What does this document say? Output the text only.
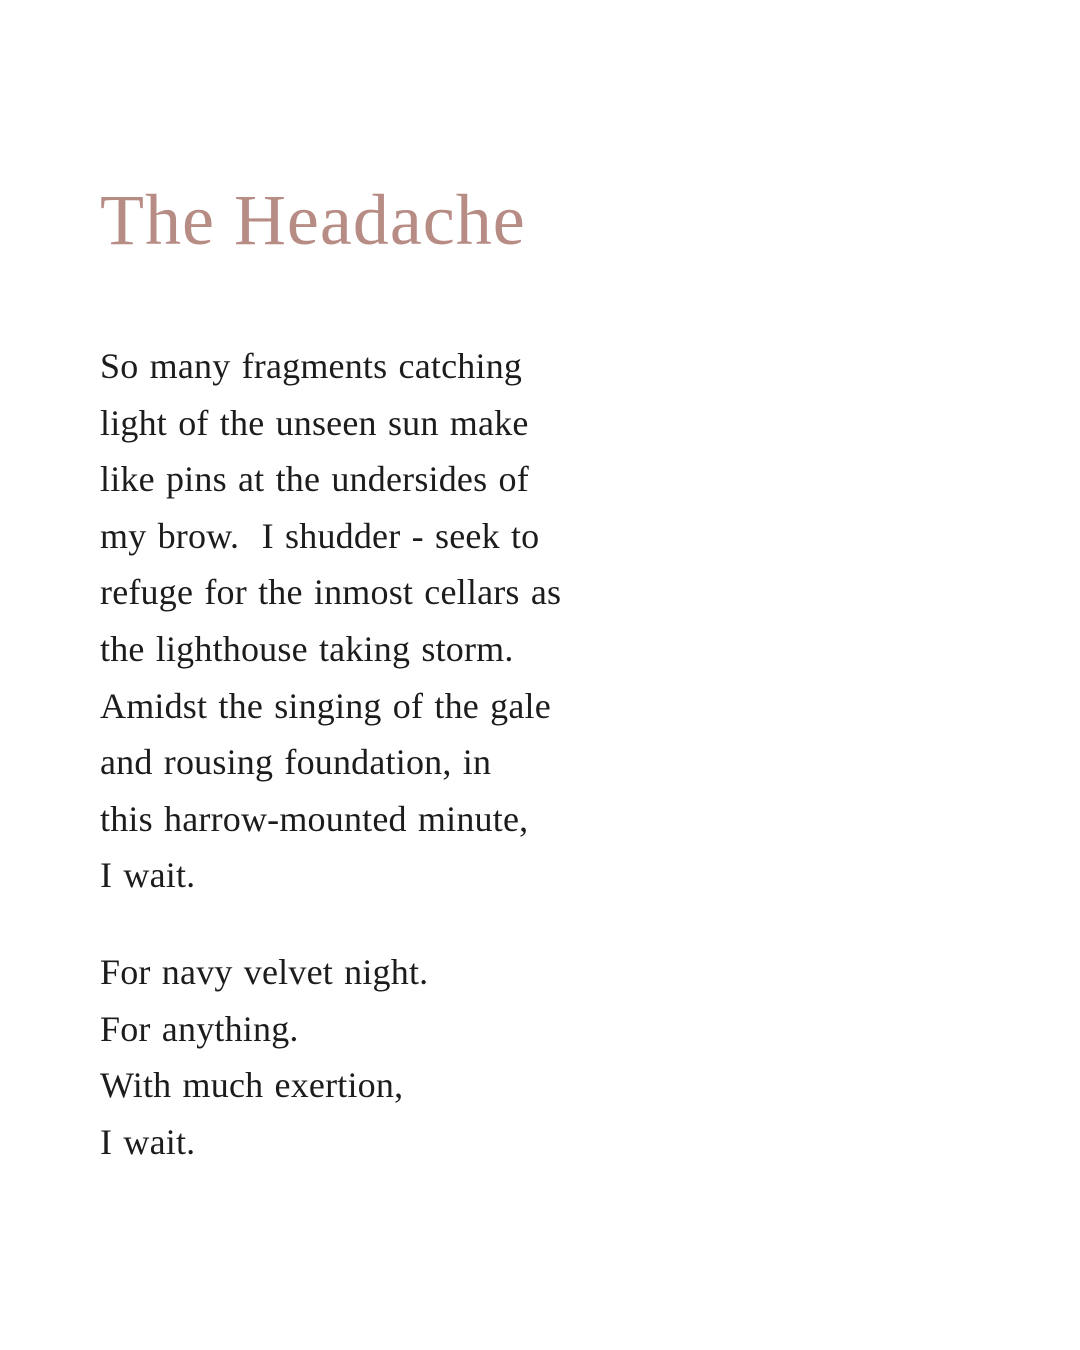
The Headache
So many fragments catching
light of the unseen sun make
like pins at the undersides of
my brow.  I shudder - seek to
refuge for the inmost cellars as
the lighthouse taking storm.
Amidst the singing of the gale
and rousing foundation, in
this harrow-mounted minute,
I wait.
For navy velvet night.
For anything.
With much exertion,
I wait.
